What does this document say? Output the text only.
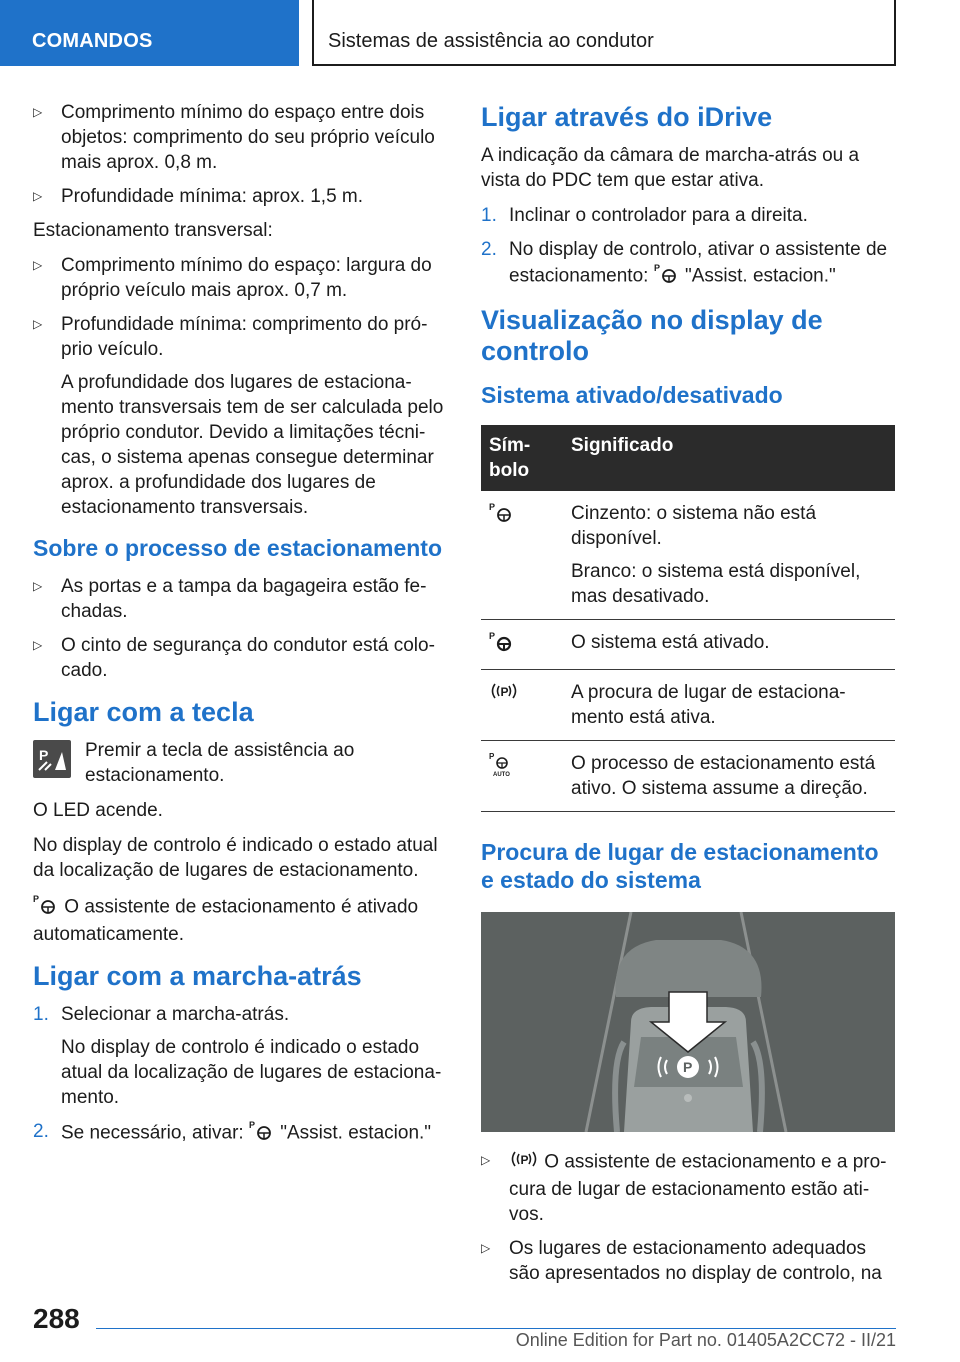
COMANDOS	Sistemas de assistência ao condutor

▷ Comprimento mínimo do espaço entre dois objetos: comprimento do seu próprio veículo mais aprox. 0,8 m.

▷ Profundidade mínima: aprox. 1,5 m.

Estacionamento transversal:

▷ Comprimento mínimo do espaço: largura do próprio veículo mais aprox. 0,7 m.

▷ Profundidade mínima: comprimento do próprio veículo.

A profundidade dos lugares de estacionamento transversais tem de ser calculada pelo próprio condutor. Devido a limitações técnicas, o sistema apenas consegue determinar aprox. a profundidade dos lugares de estacionamento transversais.

Sobre o processo de estacionamento

▷ As portas e a tampa da bagageira estão fechadas.

▷ O cinto de segurança do condutor está colocado.

Ligar com a tecla
P Premir a tecla de assistência ao estacionamento.

O LED acende.

No display de controlo é indicado o estado atual da localização de lugares de estacionamento.

P O assistente de estacionamento é ativado automaticamente.

Ligar com a marcha-atrás
1. Selecionar a marcha-atrás.

No display de controlo é indicado o estado atual da localização de lugares de estacionamento.

2. Se necessário, ativar: P "Assist. estacion."

Ligar através do iDrive

A indicação da câmara de marcha-atrás ou a vista do PDC tem que estar ativa.

1. Inclinar o controlador para a direita.

2. No display de controlo, ativar o assistente de estacionamento: P "Assist. estacion."

Visualização no display de controlo
Sistema ativado/desativado
Símbolo	Significado

P	Cinzento: o sistema não está disponível.

Branco: o sistema está disponível, mas desativado.

P	O sistema está ativado.

P	A procura de lugar de estacionamento está ativa.

P
AUTO	O processo de estacionamento está ativo. O sistema assume a direção.

Procura de lugar de estacionamento e estado do sistema
P

▷ P O assistente de estacionamento e a procura de lugar de estacionamento estão ativos.

▷ Os lugares de estacionamento adequados são apresentados no display de controlo, na

288
Online Edition for Part no. 01405A2CC72 - II/21
